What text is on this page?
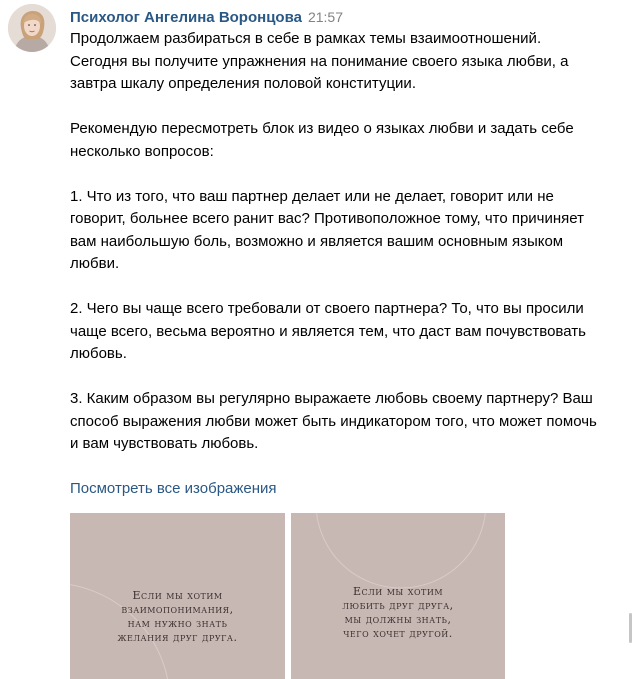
Психолог Ангелина Воронцова 21:57

Продолжаем разбираться в себе в рамках темы взаимоотношений. Сегодня вы получите упражнения на понимание своего языка любви, а завтра шкалу определения половой конституции.

Рекомендую пересмотреть блок из видео о языках любви и задать себе несколько вопросов:

1. Что из того, что ваш партнер делает или не делает, говорит или не говорит, больнее всего ранит вас? Противоположное тому, что причиняет вам наибольшую боль, возможно и является вашим основным языком любви.

2. Чего вы чаще всего требовали от своего партнера? То, что вы просили чаще всего, весьма вероятно и является тем, что даст вам почувствовать любовь.

3. Каким образом вы регулярно выражаете любовь своему партнеру? Ваш способ выражения любви может быть индикатором того, что может помочь и вам чувствовать любовь.

Посмотреть все изображения
Если мы хотим
взаимопонимания,
нам нужно знать
желания друг друга.
Если мы хотим
любить друг друга,
мы должны знать,
чего хочет другой.
